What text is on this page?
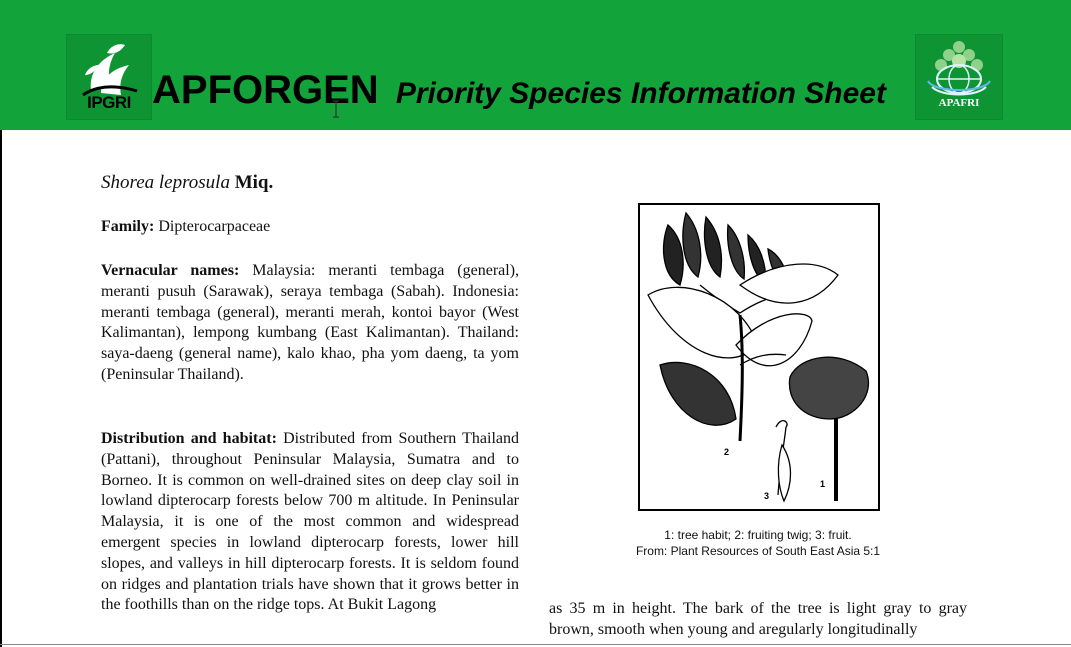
IPGRI APFORGEN Priority Species Information Sheet	APAFRI
Shorea leprosula Miq.

Family: Dipterocarpaceae

Vernacular names: Malaysia: meranti tembaga (general), meranti pusuh (Sarawak), seraya tembaga (Sabah). Indonesia: meranti tembaga (general), meranti merah, kontoi bayor (West Kalimantan), lempong kumbang (East Kalimantan). Thailand: saya-daeng (general name), kalo khao, pha yom daeng, ta yom (Peninsular Thailand).

Distribution and habitat: Distributed from Southern Thailand (Pattani), throughout Peninsular Malaysia, Sumatra and to Borneo. It is common on well-drained sites on deep clay soil in lowland dipterocarp forests below 700 m altitude. In Peninsular Malaysia, it is one of the most common and widespread emergent species in lowland dipterocarp forests, lower hill slopes, and valleys in hill dipterocarp forests. It is seldom found on ridges and plantation trials have shown that it grows better in the foothills than on the ridge tops. At Bukit Lagong

1
2
3
1: tree habit; 2: fruiting twig; 3: fruit.
From: Plant Resources of South East Asia 5:1

as 35 m in height. The bark of the tree is light gray to gray brown, smooth when young and aregularly longitudinally
